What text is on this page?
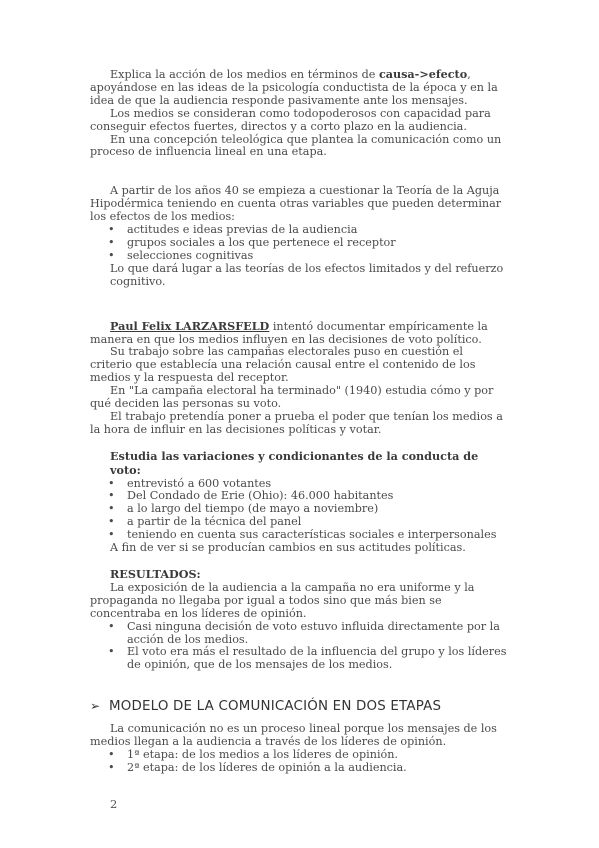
Explica la acción de los medios en términos de causa->efecto, apoyándose en las ideas de la psicología conductista de la época y en la idea de que la audiencia responde pasivamente ante los mensajes.

Los medios se consideran como todopoderosos con capacidad para conseguir efectos fuertes, directos y a corto plazo en la audiencia.

En una concepción teleológica que plantea la comunicación como un proceso de influencia lineal en una etapa.

A partir de los años 40 se empieza a cuestionar la Teoría de la Aguja Hipodérmica teniendo en cuenta otras variables que pueden determinar los efectos de los medios:

• actitudes e ideas previas de la audiencia
• grupos sociales a los que pertenece el receptor
• selecciones cognitivas

Lo que dará lugar a las teorías de los efectos limitados y del refuerzo cognitivo.

Paul Felix LARZARSFELD intentó documentar empíricamente la manera en que los medios influyen en las decisiones de voto político.

Su trabajo sobre las campañas electorales puso en cuestión el criterio que establecía una relación causal entre el contenido de los medios y la respuesta del receptor.

En "La campaña electoral ha terminado" (1940) estudia cómo y por qué deciden las personas su voto.

El trabajo pretendía poner a prueba el poder que tenían los medios a la hora de influir en las decisiones políticas y votar.

Estudia las variaciones y condicionantes de la conducta de voto:

• entrevistó a 600 votantes
• Del Condado de Erie (Ohio): 46.000 habitantes
• a lo largo del tiempo (de mayo a noviembre)
• a partir de la técnica del panel
• teniendo en cuenta sus características sociales e interpersonales

A fin de ver si se producían cambios en sus actitudes políticas.

RESULTADOS:

La exposición de la audiencia a la campaña no era uniforme y la propaganda no llegaba por igual a todos sino que más bien se concentraba en los líderes de opinión.

• Casi ninguna decisión de voto estuvo influida directamente por la acción de los medios.
• El voto era más el resultado de la influencia del grupo y los líderes de opinión, que de los mensajes de los medios.

➢ MODELO DE LA COMUNICACIÓN EN DOS ETAPAS

La comunicación no es un proceso lineal porque los mensajes de los medios llegan a la audiencia a través de los líderes de opinión.

• 1ª etapa: de los medios a los líderes de opinión.
• 2ª etapa: de los líderes de opinión a la audiencia.
2
